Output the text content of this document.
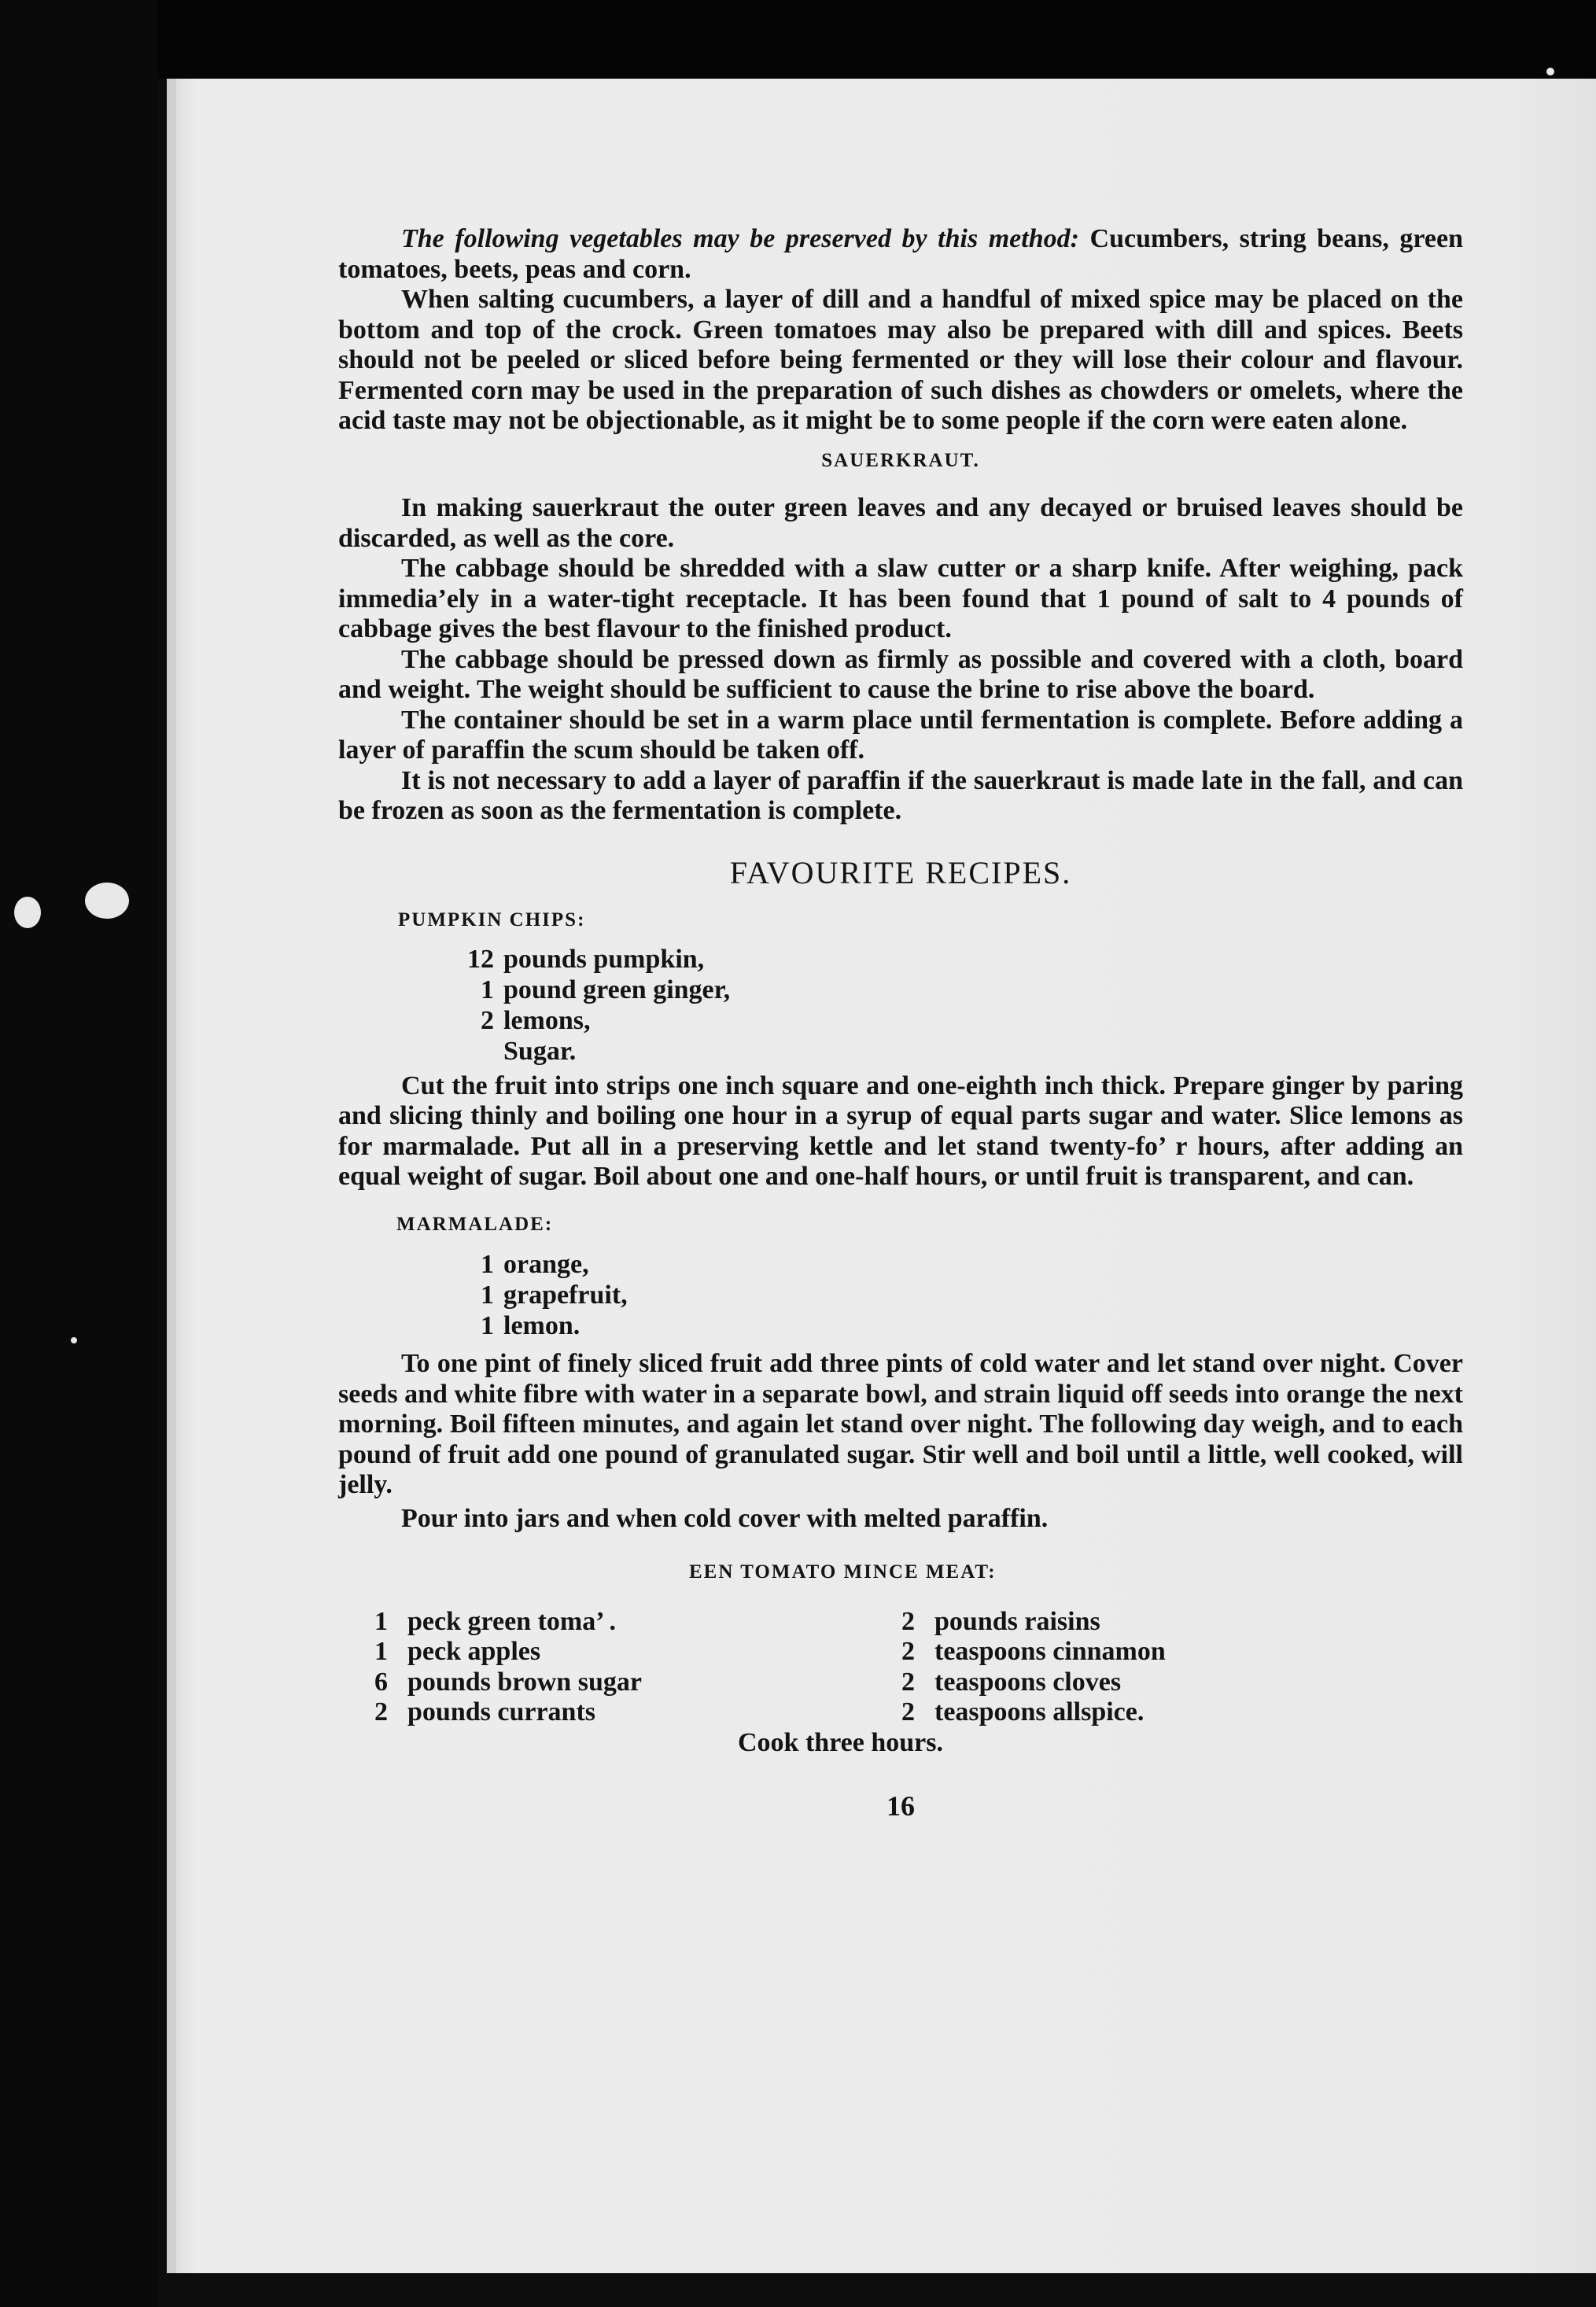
The following vegetables may be preserved by this method: Cucumbers, string beans, green tomatoes, beets, peas and corn.

When salting cucumbers, a layer of dill and a handful of mixed spice may be placed on the bottom and top of the crock. Green tomatoes may also be prepared with dill and spices. Beets should not be peeled or sliced before being fermented or they will lose their colour and flavour. Fermented corn may be used in the preparation of such dishes as chowders or omelets, where the acid taste may not be objectionable, as it might be to some people if the corn were eaten alone.

SAUERKRAUT.

In making sauerkraut the outer green leaves and any decayed or bruised leaves should be discarded, as well as the core.

The cabbage should be shredded with a slaw cutter or a sharp knife. After weighing, pack immedia’ely in a water-tight receptacle. It has been found that 1 pound of salt to 4 pounds of cabbage gives the best flavour to the finished product.

The cabbage should be pressed down as firmly as possible and covered with a cloth, board and weight. The weight should be sufficient to cause the brine to rise above the board.

The container should be set in a warm place until fermentation is complete. Before adding a layer of paraffin the scum should be taken off.

It is not necessary to add a layer of paraffin if the sauerkraut is made late in the fall, and can be frozen as soon as the fermentation is complete.

FAVOURITE RECIPES.

PUMPKIN CHIPS:

12 pounds pumpkin,
1 pound green ginger,
2 lemons,
Sugar.

Cut the fruit into strips one inch square and one-eighth inch thick. Prepare ginger by paring and slicing thinly and boiling one hour in a syrup of equal parts sugar and water. Slice lemons as for marmalade. Put all in a preserving kettle and let stand twenty-fo’ r hours, after adding an equal weight of sugar. Boil about one and one-half hours, or until fruit is transparent, and can.

MARMALADE:

1 orange,
1 grapefruit,
1 lemon.

To one pint of finely sliced fruit add three pints of cold water and let stand over night. Cover seeds and white fibre with water in a separate bowl, and strain liquid off seeds into orange the next morning. Boil fifteen minutes, and again let stand over night. The following day weigh, and to each pound of fruit add one pound of granulated sugar. Stir well and boil until a little, well cooked, will jelly.

Pour into jars and when cold cover with melted paraffin.

EEN TOMATO MINCE MEAT:

1 peck green toma’ .
1 peck apples
6 pounds brown sugar
2 pounds currants
2 pounds raisins
2 teaspoons cinnamon
2 teaspoons cloves
2 teaspoons allspice.

Cook three hours.

16
